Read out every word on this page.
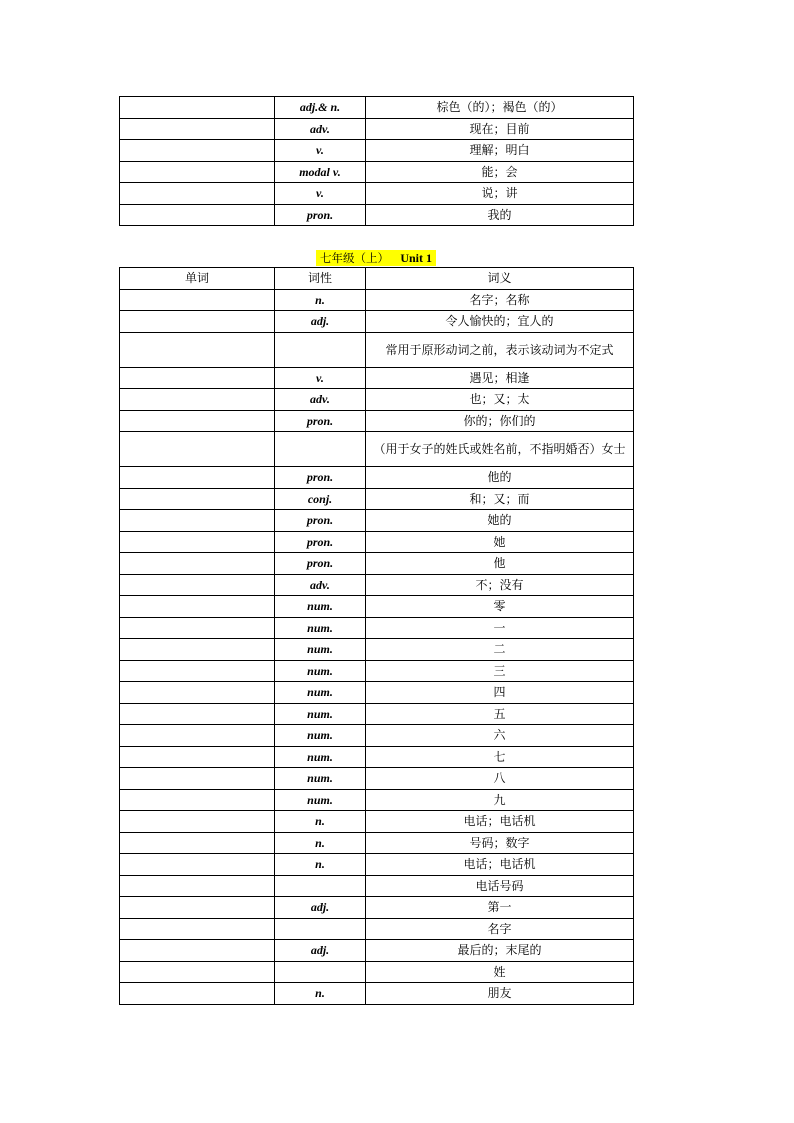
	adj.& n.	棕色（的）；褐色（的）
	adv.	现在；目前
	v.	理解；明白
	modal v.	能；会
	v.	说；讲
	pron.	我的
七年级（上） Unit 1
单词	词性	词义
	n.	名字；名称
	adj.	令人愉快的；宜人的
		常用于原形动词之前，表示该动词为不定式
	v.	遇见；相逢
	adv.	也；又；太
	pron.	你的；你们的
		（用于女子的姓氏或姓名前，不指明婚否）女士
	pron.	他的
	conj.	和；又；而
	pron.	她的
	pron.	她
	pron.	他
	adv.	不；没有
	num.	零
	num.	一
	num.	二
	num.	三
	num.	四
	num.	五
	num.	六
	num.	七
	num.	八
	num.	九
	n.	电话；电话机
	n.	号码；数字
	n.	电话；电话机
		电话号码
	adj.	第一
		名字
	adj.	最后的；末尾的
		姓
	n.	朋友
